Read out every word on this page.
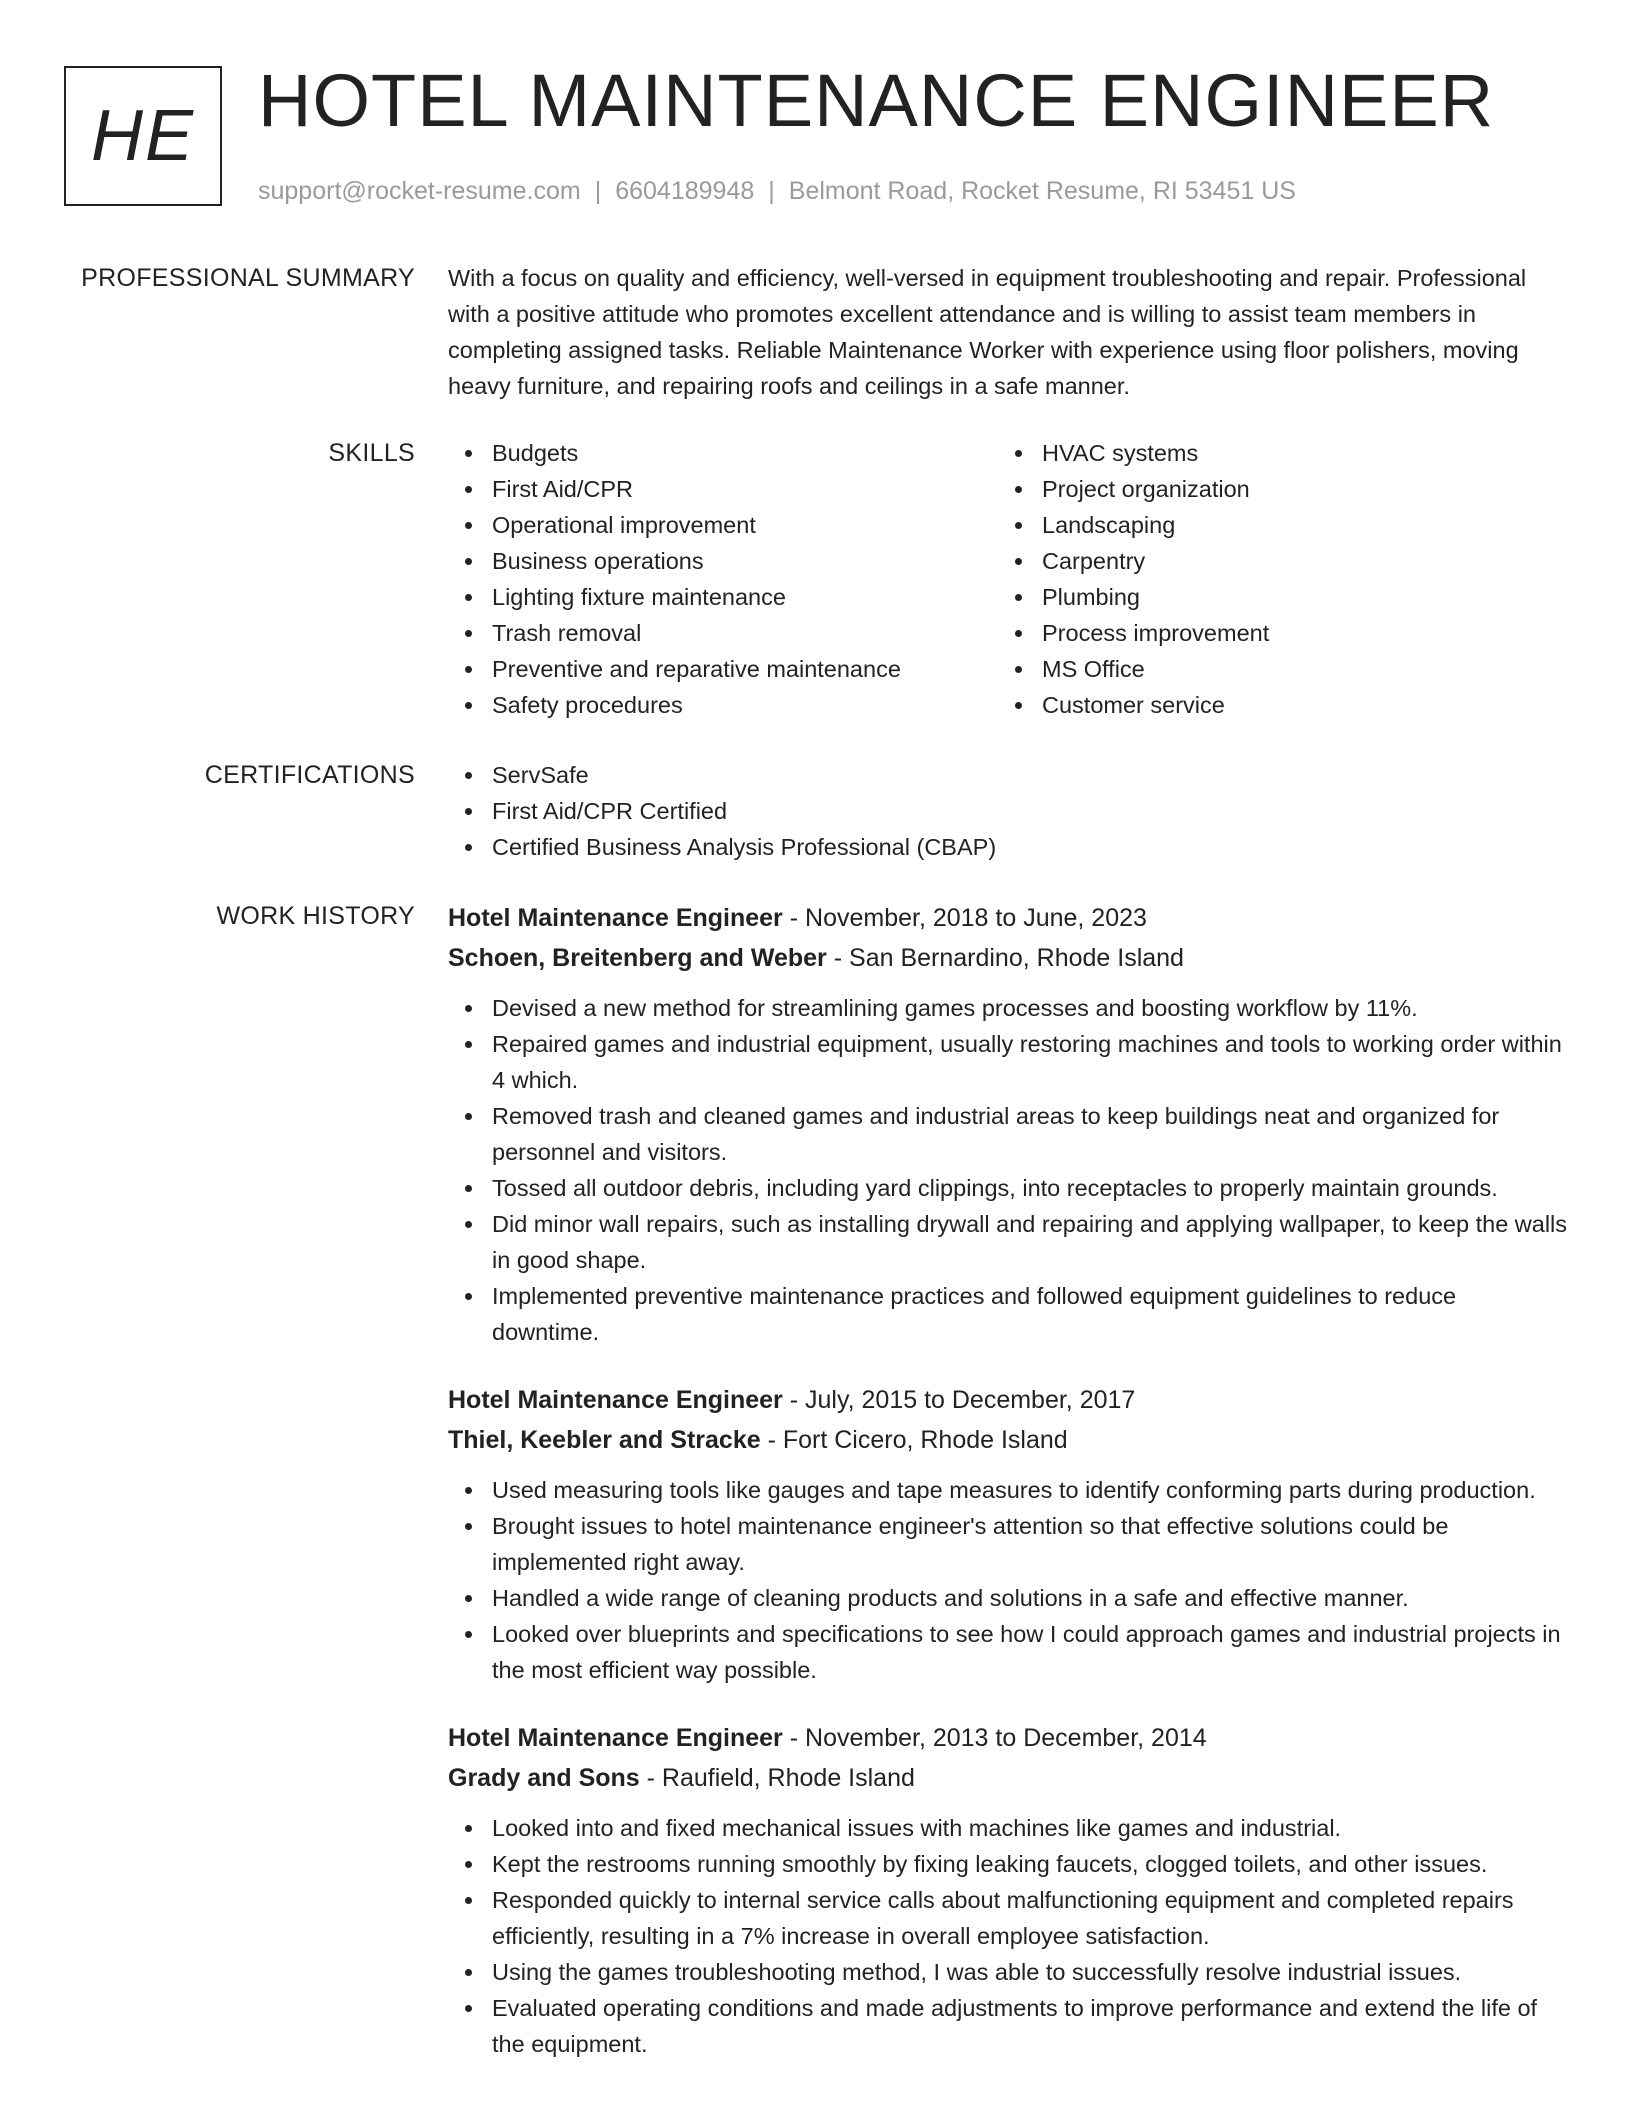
HE HOTEL MAINTENANCE ENGINEER
support@rocket-resume.com | 6604189948 | Belmont Road, Rocket Resume, RI 53451 US
PROFESSIONAL SUMMARY With a focus on quality and efficiency, well-versed in equipment troubleshooting and repair. Professional with a positive attitude who promotes excellent attendance and is willing to assist team members in completing assigned tasks. Reliable Maintenance Worker with experience using floor polishers, moving heavy furniture, and repairing roofs and ceilings in a safe manner.

SKILLS	Budgets
First Aid/CPR
Operational improvement
Business operations
Lighting fixture maintenance
Trash removal
Preventive and reparative maintenance
Safety procedures
HVAC systems
Project organization
Landscaping
Carpentry
Plumbing
Process improvement
MS Office
Customer service
CERTIFICATIONS	ServSafe
First Aid/CPR Certified
Certified Business Analysis Professional (CBAP)
WORK HISTORY Hotel Maintenance Engineer - November, 2018 to June, 2023
Schoen, Breitenberg and Weber - San Bernardino, Rhode Island
Devised a new method for streamlining games processes and boosting workflow by 11%.
Repaired games and industrial equipment, usually restoring machines and tools to working order within 4 which.
Removed trash and cleaned games and industrial areas to keep buildings neat and organized for personnel and visitors.
Tossed all outdoor debris, including yard clippings, into receptacles to properly maintain grounds.
Did minor wall repairs, such as installing drywall and repairing and applying wallpaper, to keep the walls in good shape.
Implemented preventive maintenance practices and followed equipment guidelines to reduce downtime.
Hotel Maintenance Engineer - July, 2015 to December, 2017
Thiel, Keebler and Stracke - Fort Cicero, Rhode Island
Used measuring tools like gauges and tape measures to identify conforming parts during production.
Brought issues to hotel maintenance engineer's attention so that effective solutions could be implemented right away.
Handled a wide range of cleaning products and solutions in a safe and effective manner.
Looked over blueprints and specifications to see how I could approach games and industrial projects in the most efficient way possible.
Hotel Maintenance Engineer - November, 2013 to December, 2014
Grady and Sons - Raufield, Rhode Island
Looked into and fixed mechanical issues with machines like games and industrial.
Kept the restrooms running smoothly by fixing leaking faucets, clogged toilets, and other issues.
Responded quickly to internal service calls about malfunctioning equipment and completed repairs efficiently, resulting in a 7% increase in overall employee satisfaction.
Using the games troubleshooting method, I was able to successfully resolve industrial issues.
Evaluated operating conditions and made adjustments to improve performance and extend the life of the equipment.
